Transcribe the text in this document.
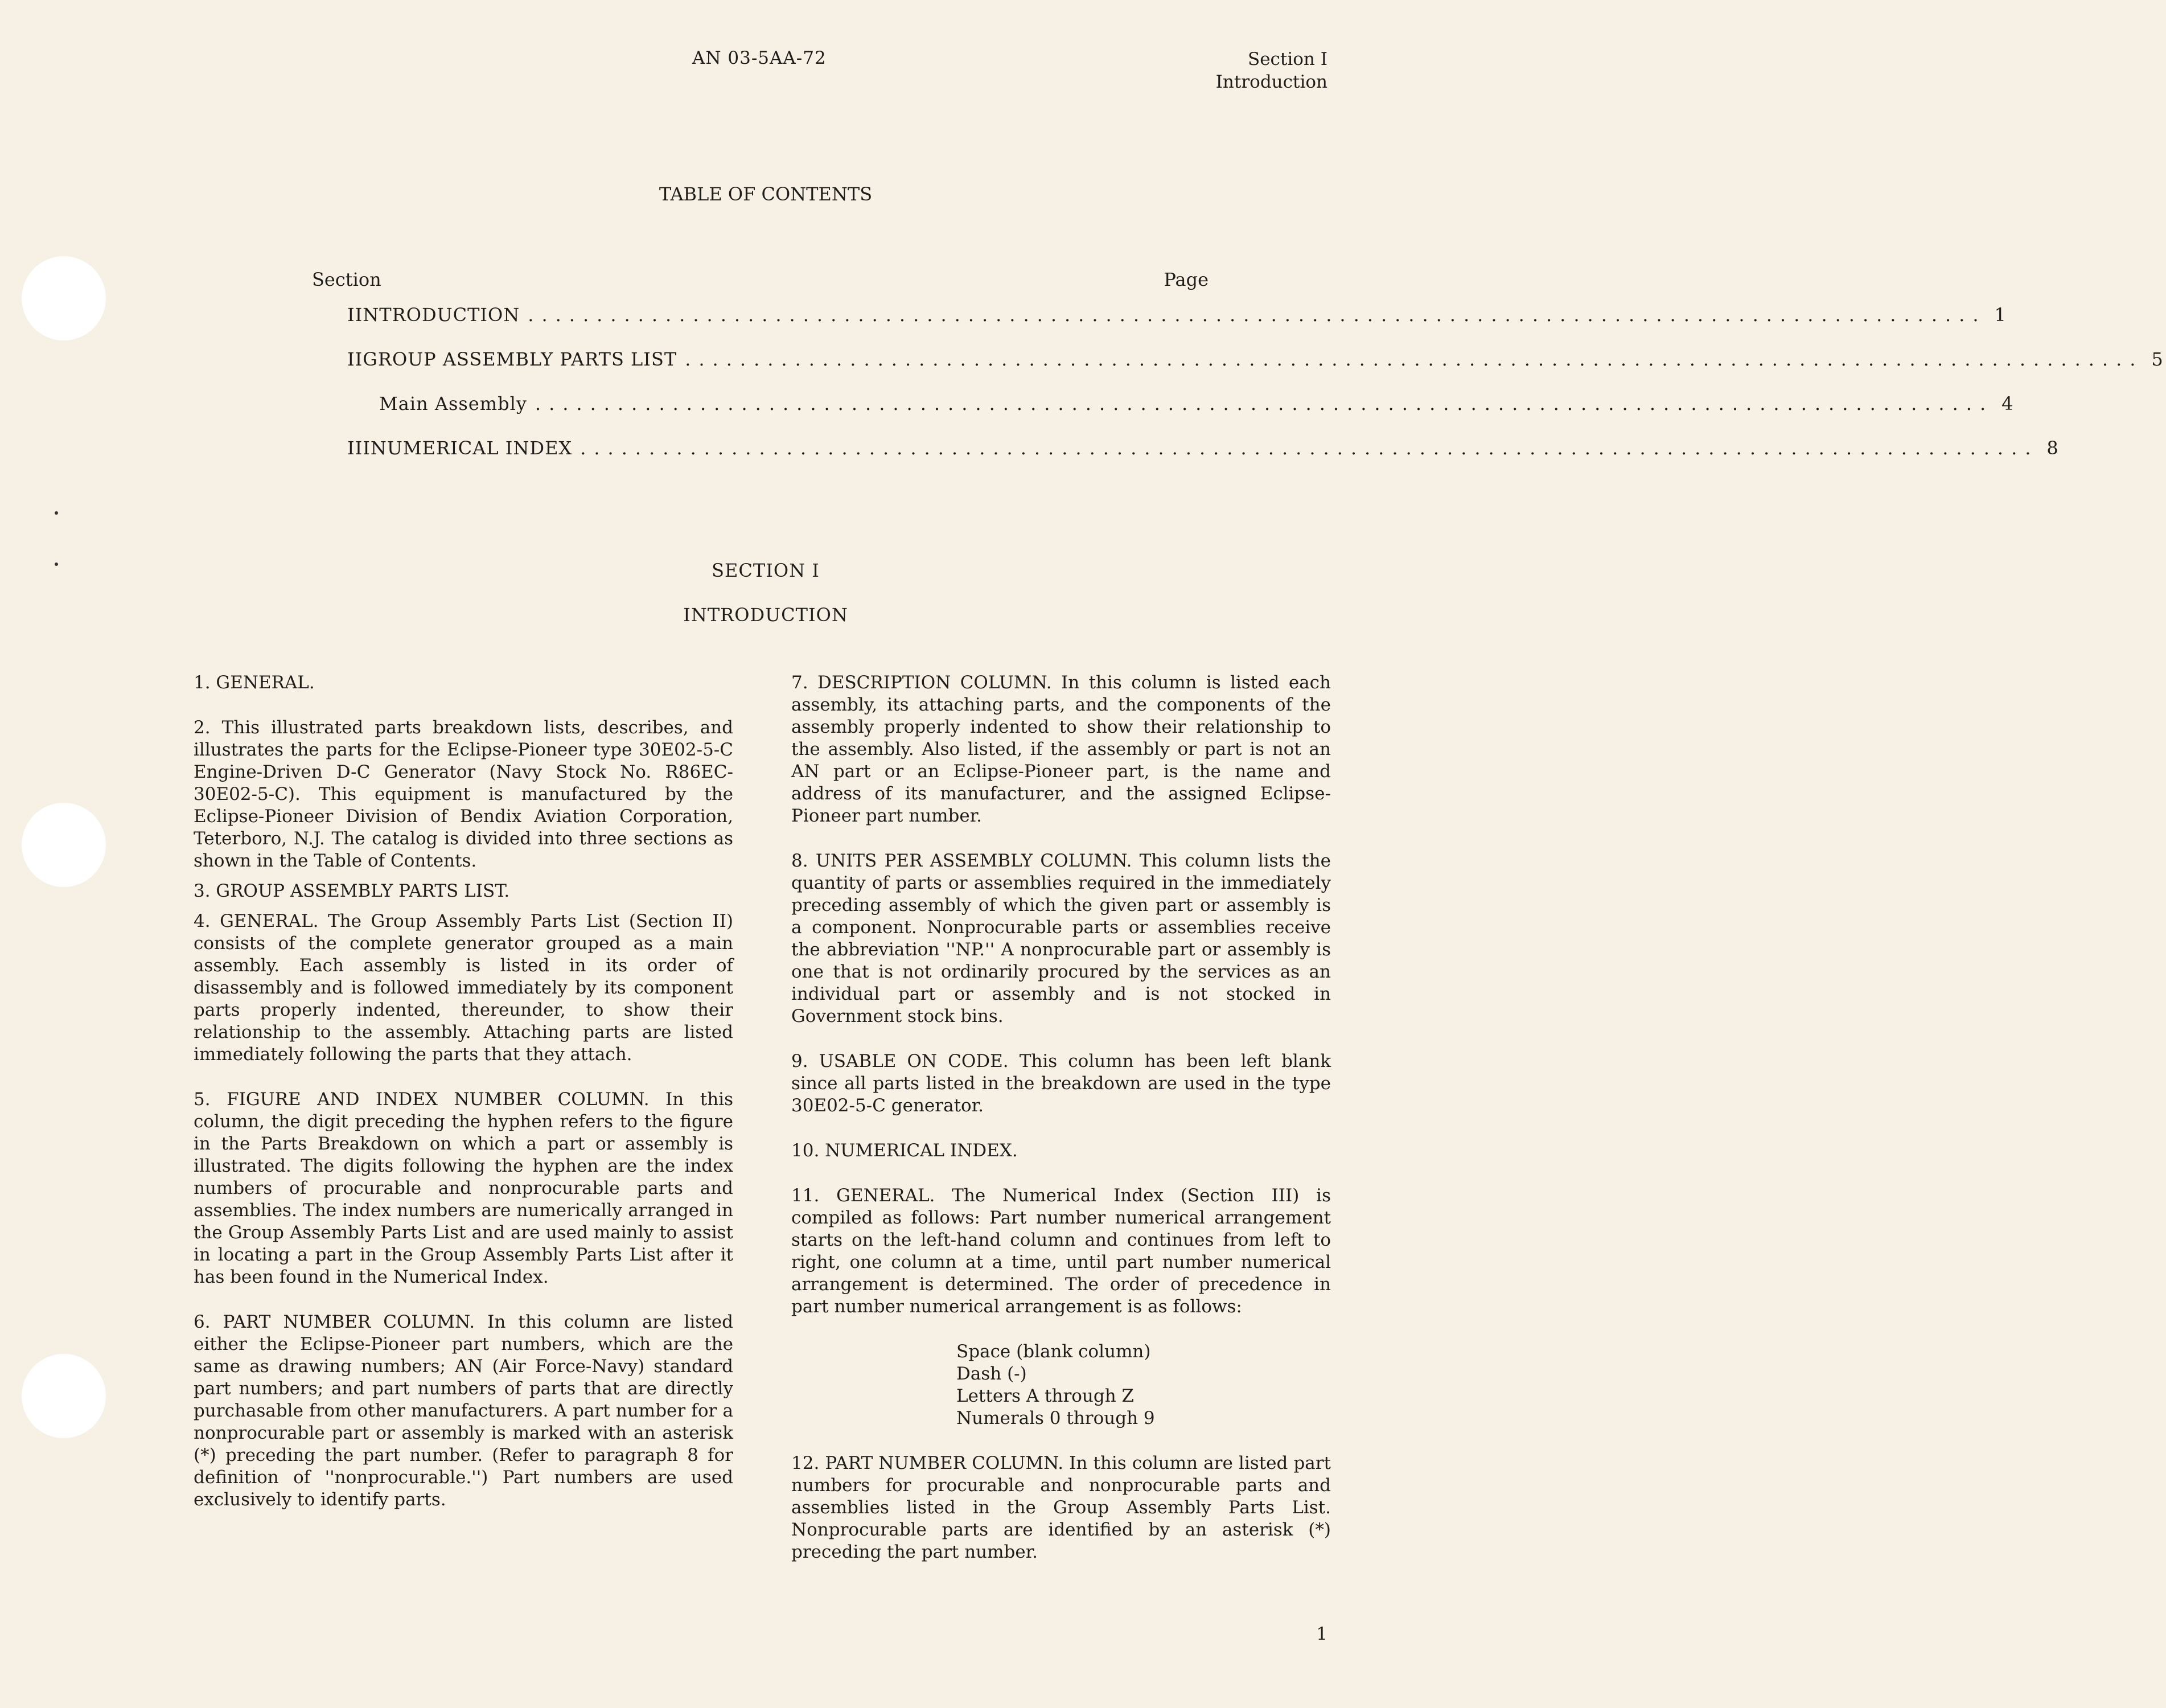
AN 03-5AA-72	Section I
Introduction
TABLE OF CONTENTS
Section	Page
I INTRODUCTION .......................................................................................................... 1
II GROUP ASSEMBLY PARTS LIST .......................................................................................................... 5
Main Assembly .......................................................................................................... 4
III NUMERICAL INDEX .......................................................................................................... 8
SECTION I
INTRODUCTION

1. GENERAL.

2. This illustrated parts breakdown lists, describes, and illustrates the parts for the Eclipse-Pioneer type 30E02-5-C Engine-Driven D-C Generator (Navy Stock No. R86EC-30E02-5-C). This equipment is manufactured by the Eclipse-Pioneer Division of Bendix Aviation Corporation, Teterboro, N.J. The catalog is divided into three sections as shown in the Table of Contents.

3. GROUP ASSEMBLY PARTS LIST.

4. GENERAL. The Group Assembly Parts List (Section II) consists of the complete generator grouped as a main assembly. Each assembly is listed in its order of disassembly and is followed immediately by its component parts properly indented, thereunder, to show their relationship to the assembly. Attaching parts are listed immediately following the parts that they attach.

5. FIGURE AND INDEX NUMBER COLUMN. In this column, the digit preceding the hyphen refers to the figure in the Parts Breakdown on which a part or assembly is illustrated. The digits following the hyphen are the index numbers of procurable and nonprocurable parts and assemblies. The index numbers are numerically arranged in the Group Assembly Parts List and are used mainly to assist in locating a part in the Group Assembly Parts List after it has been found in the Numerical Index.

6. PART NUMBER COLUMN. In this column are listed either the Eclipse-Pioneer part numbers, which are the same as drawing numbers; AN (Air Force-Navy) standard part numbers; and part numbers of parts that are directly purchasable from other manufacturers. A part number for a nonprocurable part or assembly is marked with an asterisk (*) preceding the part number. (Refer to paragraph 8 for definition of ''nonprocurable.'') Part numbers are used exclusively to identify parts.

7. DESCRIPTION COLUMN. In this column is listed each assembly, its attaching parts, and the components of the assembly properly indented to show their relationship to the assembly. Also listed, if the assembly or part is not an AN part or an Eclipse-Pioneer part, is the name and address of its manufacturer, and the assigned Eclipse-Pioneer part number.

8. UNITS PER ASSEMBLY COLUMN. This column lists the quantity of parts or assemblies required in the immediately preceding assembly of which the given part or assembly is a component. Nonprocurable parts or assemblies receive the abbreviation ''NP.'' A nonprocurable part or assembly is one that is not ordinarily procured by the services as an individual part or assembly and is not stocked in Government stock bins.

9. USABLE ON CODE. This column has been left blank since all parts listed in the breakdown are used in the type 30E02-5-C generator.

10. NUMERICAL INDEX.

11. GENERAL. The Numerical Index (Section III) is compiled as follows: Part number numerical arrangement starts on the left-hand column and continues from left to right, one column at a time, until part number numerical arrangement is determined. The order of precedence in part number numerical arrangement is as follows:

Space (blank column)
Dash (-)
Letters A through Z
Numerals 0 through 9

12. PART NUMBER COLUMN. In this column are listed part numbers for procurable and nonprocurable parts and assemblies listed in the Group Assembly Parts List. Nonprocurable parts are identified by an asterisk (*) preceding the part number.

1
